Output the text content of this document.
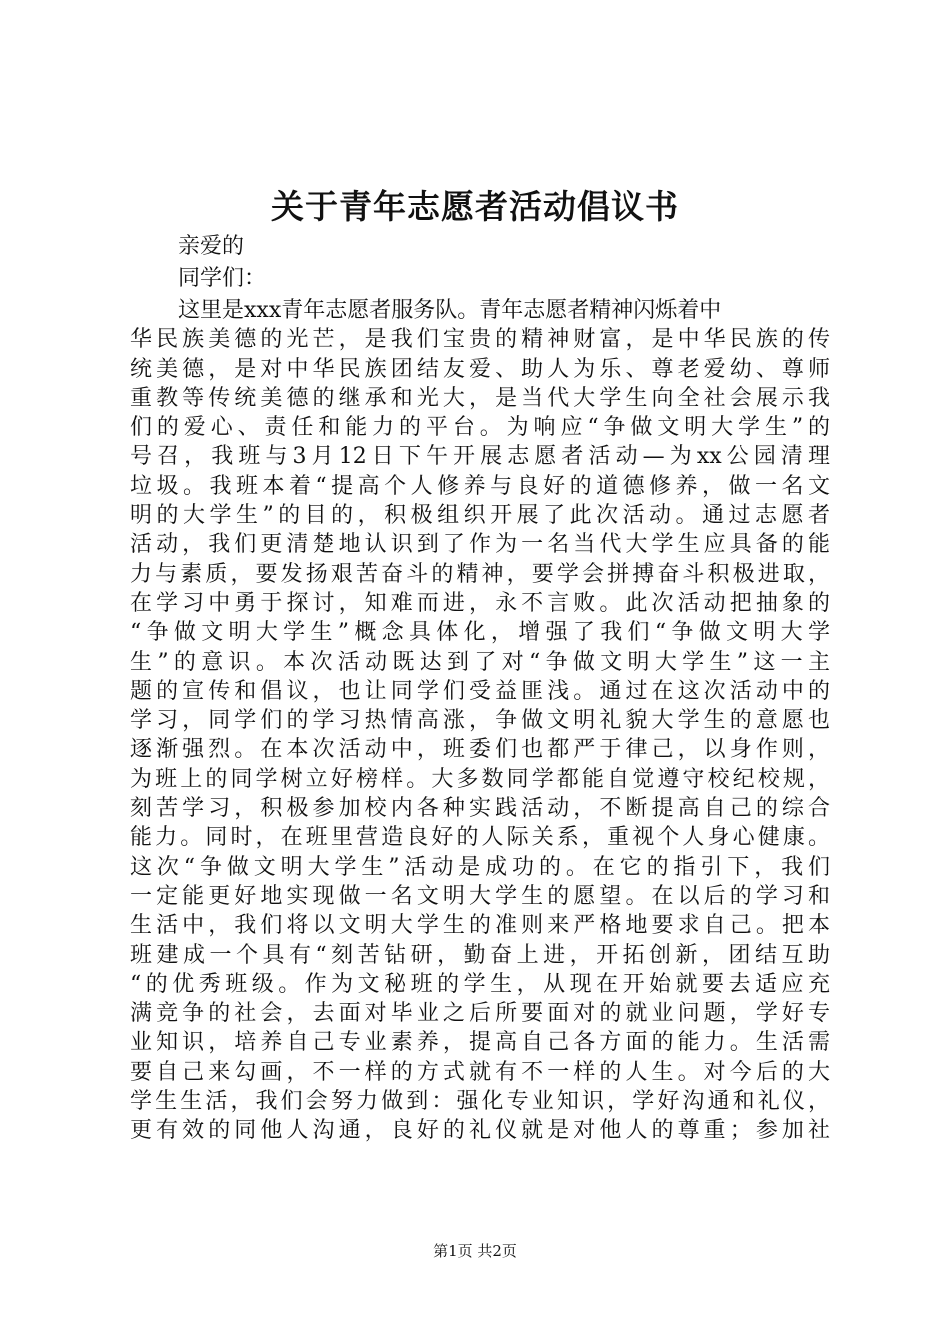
关于青年志愿者活动倡议书

亲爱的

同学们：

这里是xxx青年志愿者服务队。青年志愿者精神闪烁着中
华民族美德的光芒，是我们宝贵的精神财富，是中华民族的传
统美德，是对中华民族团结友爱、助人为乐、尊老爱幼、尊师
重教等传统美德的继承和光大，是当代大学生向全社会展示我
们的爱心、责任和能力的平台。为响应“争做文明大学生”的
号召，我班与3月12日下午开展志愿者活动—为xx公园清理
垃圾。我班本着“提高个人修养与良好的道德修养，做一名文
明的大学生”的目的，积极组织开展了此次活动。通过志愿者
活动，我们更清楚地认识到了作为一名当代大学生应具备的能
力与素质，要发扬艰苦奋斗的精神，要学会拼搏奋斗积极进取，
在学习中勇于探讨，知难而进，永不言败。此次活动把抽象的
“争做文明大学生”概念具体化，增强了我们“争做文明大学
生”的意识。本次活动既达到了对“争做文明大学生”这一主
题的宣传和倡议，也让同学们受益匪浅。通过在这次活动中的
学习，同学们的学习热情高涨，争做文明礼貌大学生的意愿也
逐渐强烈。在本次活动中，班委们也都严于律己，以身作则，
为班上的同学树立好榜样。大多数同学都能自觉遵守校纪校规，
刻苦学习，积极参加校内各种实践活动，不断提高自己的综合
能力。同时，在班里营造良好的人际关系，重视个人身心健康。
这次“争做文明大学生”活动是成功的。在它的指引下，我们
一定能更好地实现做一名文明大学生的愿望。在以后的学习和
生活中，我们将以文明大学生的准则来严格地要求自己。把本
班建成一个具有“刻苦钻研，勤奋上进，开拓创新，团结互助
“的优秀班级。作为文秘班的学生，从现在开始就要去适应充
满竞争的社会，去面对毕业之后所要面对的就业问题，学好专
业知识，培养自己专业素养，提高自己各方面的能力。生活需
要自己来勾画，不一样的方式就有不一样的人生。对今后的大
学生生活，我们会努力做到：强化专业知识，学好沟通和礼仪，
更有效的同他人沟通，良好的礼仪就是对他人的尊重；参加社

第1页 共2页
